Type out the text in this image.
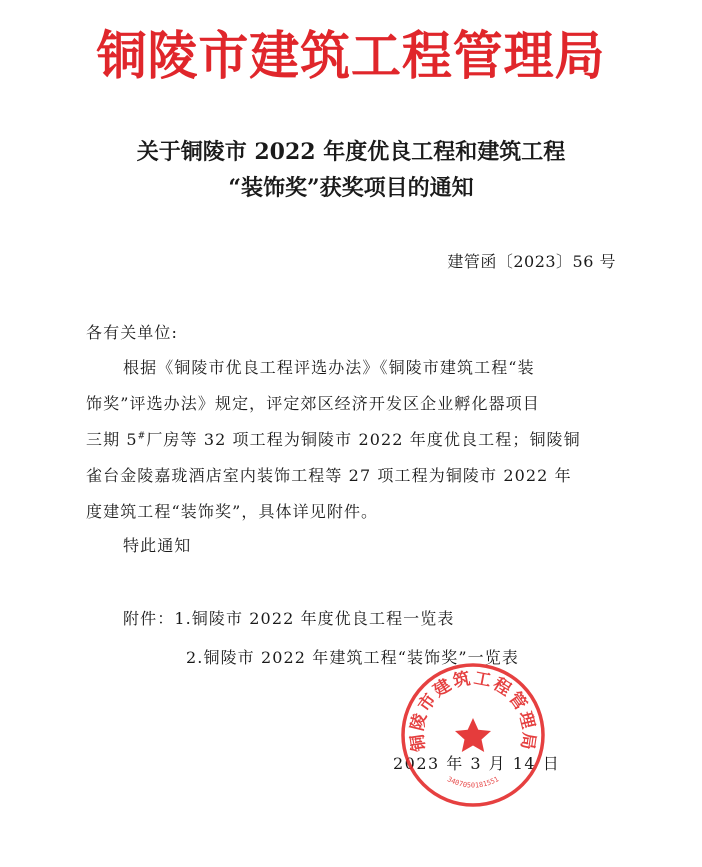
铜陵市建筑工程管理局
关于铜陵市 2022 年度优良工程和建筑工程
“装饰奖”获奖项目的通知
建管函〔2023〕56 号
各有关单位:
根据《铜陵市优良工程评选办法》《铜陵市建筑工程“装
饰奖”评选办法》规定，评定郊区经济开发区企业孵化器项目
三期 5#厂房等 32 项工程为铜陵市 2022 年度优良工程；铜陵铜
雀台金陵嘉珑酒店室内装饰工程等 27 项工程为铜陵市 2022 年
度建筑工程“装饰奖”，具体详见附件。
特此通知
附件：1.铜陵市 2022 年度优良工程一览表
2.铜陵市 2022 年建筑工程“装饰奖”一览表
2023 年 3 月 14 日
铜陵市建筑工程管理局
3407050181551
